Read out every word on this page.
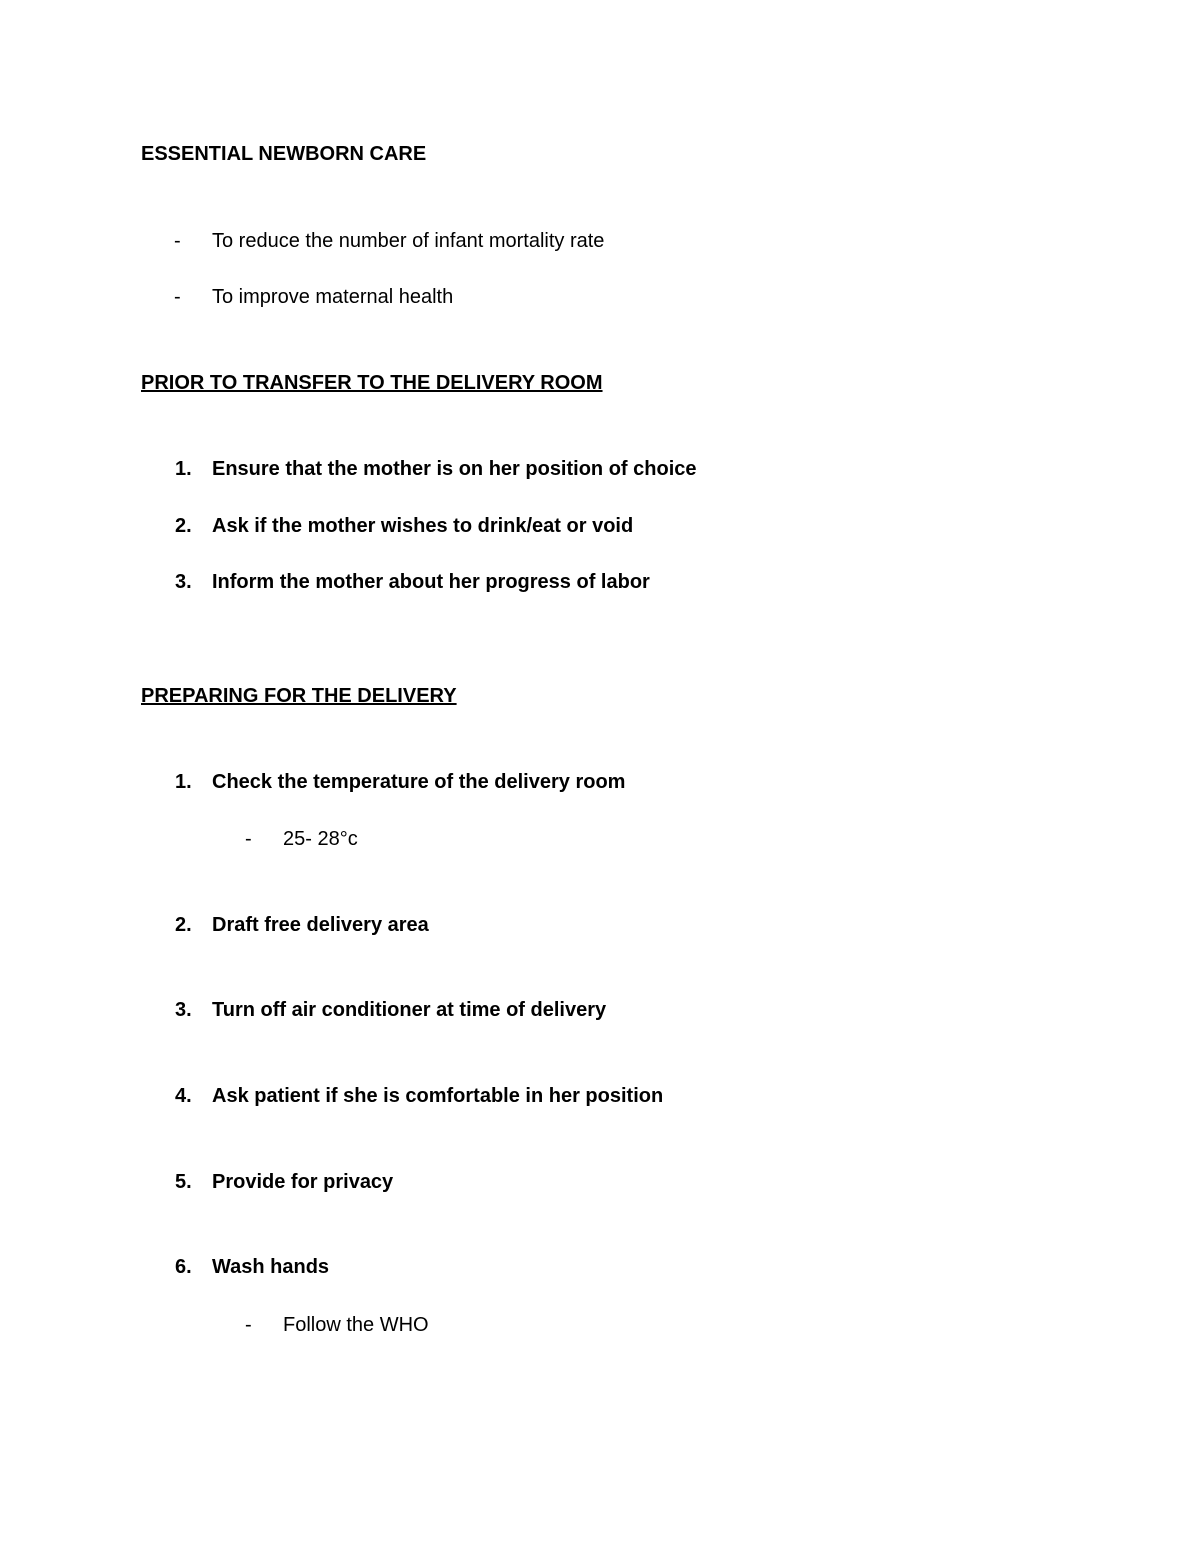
ESSENTIAL NEWBORN CARE
- To reduce the number of infant mortality rate
- To improve maternal health
PRIOR TO TRANSFER TO THE DELIVERY ROOM
1. Ensure that the mother is on her position of choice
2. Ask if the mother wishes to drink/eat or void
3. Inform the mother about her progress of labor
PREPARING FOR THE DELIVERY
1. Check the temperature of the delivery room
- 25- 28°c
2. Draft free delivery area
3. Turn off air conditioner at time of delivery
4. Ask patient if she is comfortable in her position
5. Provide for privacy
6. Wash hands
- Follow the WHO
